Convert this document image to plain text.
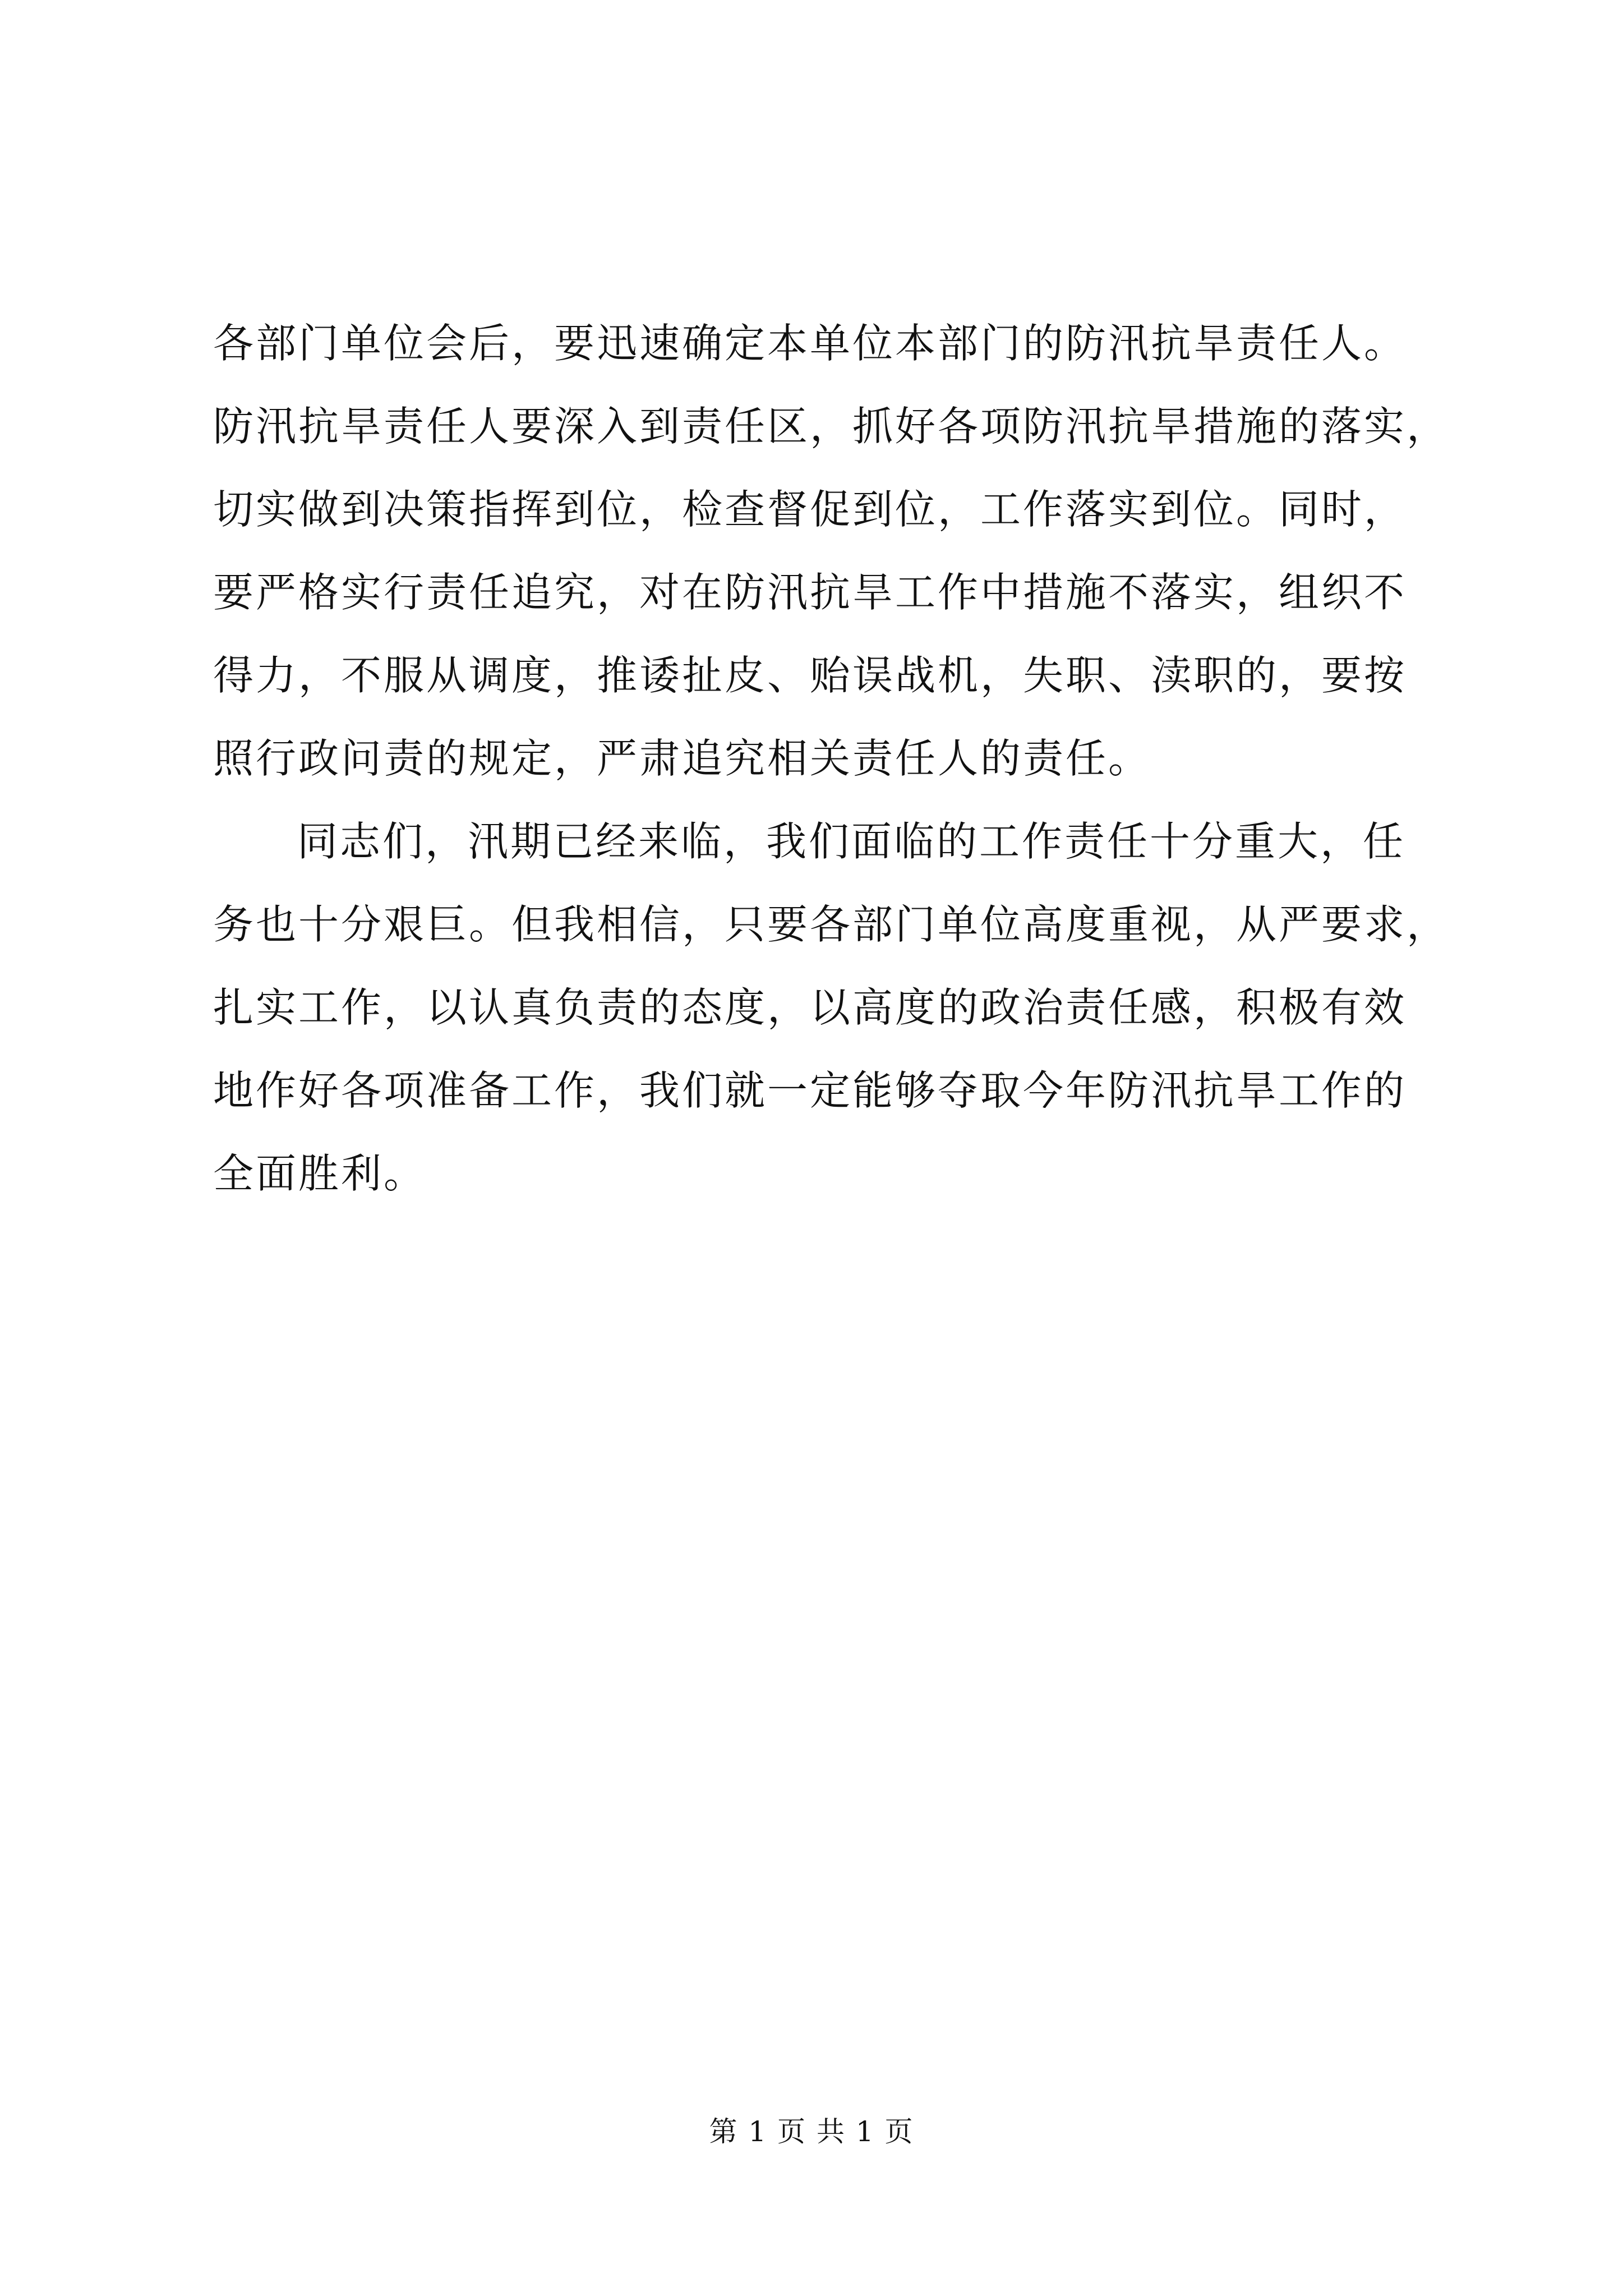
各部门单位会后，要迅速确定本单位本部门的防汛抗旱责任人。
防汛抗旱责任人要深入到责任区，抓好各项防汛抗旱措施的落实，
切实做到决策指挥到位，检查督促到位，工作落实到位。同时，
要严格实行责任追究，对在防汛抗旱工作中措施不落实，组织不
得力，不服从调度，推诿扯皮、贻误战机，失职、渎职的，要按
照行政问责的规定，严肃追究相关责任人的责任。
同志们，汛期已经来临，我们面临的工作责任十分重大，任
务也十分艰巨。但我相信，只要各部门单位高度重视，从严要求，
扎实工作，以认真负责的态度，以高度的政治责任感，积极有效
地作好各项准备工作，我们就一定能够夺取今年防汛抗旱工作的
全面胜利。
第 1 页 共 1 页
